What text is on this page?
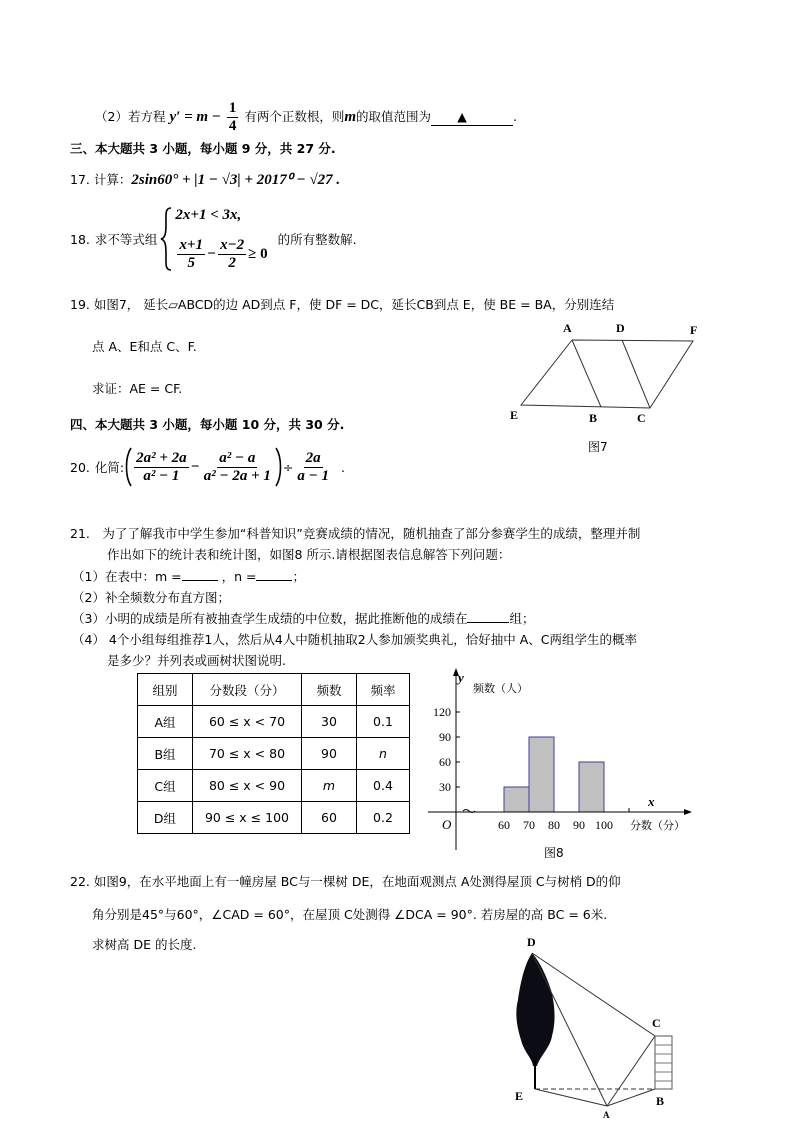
（2）若方程 $y' = m - \frac{1}{4}$ 有两个正数根，则m的取值范围为 ▲	.
三、本大题共 3 小题，每小题 9 分，共 27 分.
17. 计算：2sin60° + |1 − √3| + 2017⁰ − √27 .
18. 求不等式组
2x+1 < 3x,
$\frac{x+1}{5} - \frac{x-2}{2} \ge 0$
的所有整数解.
19. 如图7， 延长▱ABCD的边 AD到点 F，使 DF = DC，延长CB到点 E，使 BE = BA，分别连结
点 A、E和点 C、F.
求证：AE = CF.
四、本大题共 3 小题，每小题 10 分，共 30 分.
20. 化简: $\frac{\text{2a² + 2a}}{\text{a² − 1}} - \frac{\text{a² − a}}{\text{a² − 2a + 1}} \div \frac{2a}{a - 1}$ .
21.　为了了解我市中学生参加“科普知识”竞赛成绩的情况，随机抽查了部分参赛学生的成绩，整理并制
作出如下的统计表和统计图，如图8 所示.请根据图表信息解答下列问题：
（1）在表中：m =	，n =	；
（2）补全频数分布直方图；
（3）小明的成绩是所有被抽查学生成绩的中位数，据此推断他的成绩在	组；
（4） 4个小组每组推荐1人，然后从4人中随机抽取2人参加颁奖典礼，恰好抽中 A、C两组学生的概率
是多少？并列表或画树状图说明.
组别	分数段（分）	频数	频率
A组	60 ≤ x < 70	30	0.1
B组	70 ≤ x < 80	90	n
C组	80 ≤ x < 90	m	0.4
D组	90 ≤ x ≤ 100	60	0.2
30
60
90
120
60 70 80 90 100
y
频数（人）
x
分数（分）
O
图8
A	D	F
E	B	C
图7
22. 如图9，在水平地面上有一幢房屋 BC与一棵树 DE，在地面观测点 A处测得屋顶 C与树梢 D的仰
角分别是45°与60°，∠CAD = 60°，在屋顶 C处测得 ∠DCA = 90°. 若房屋的高 BC = 6米.
求树高 DE 的长度.	D
C
E	B
A
